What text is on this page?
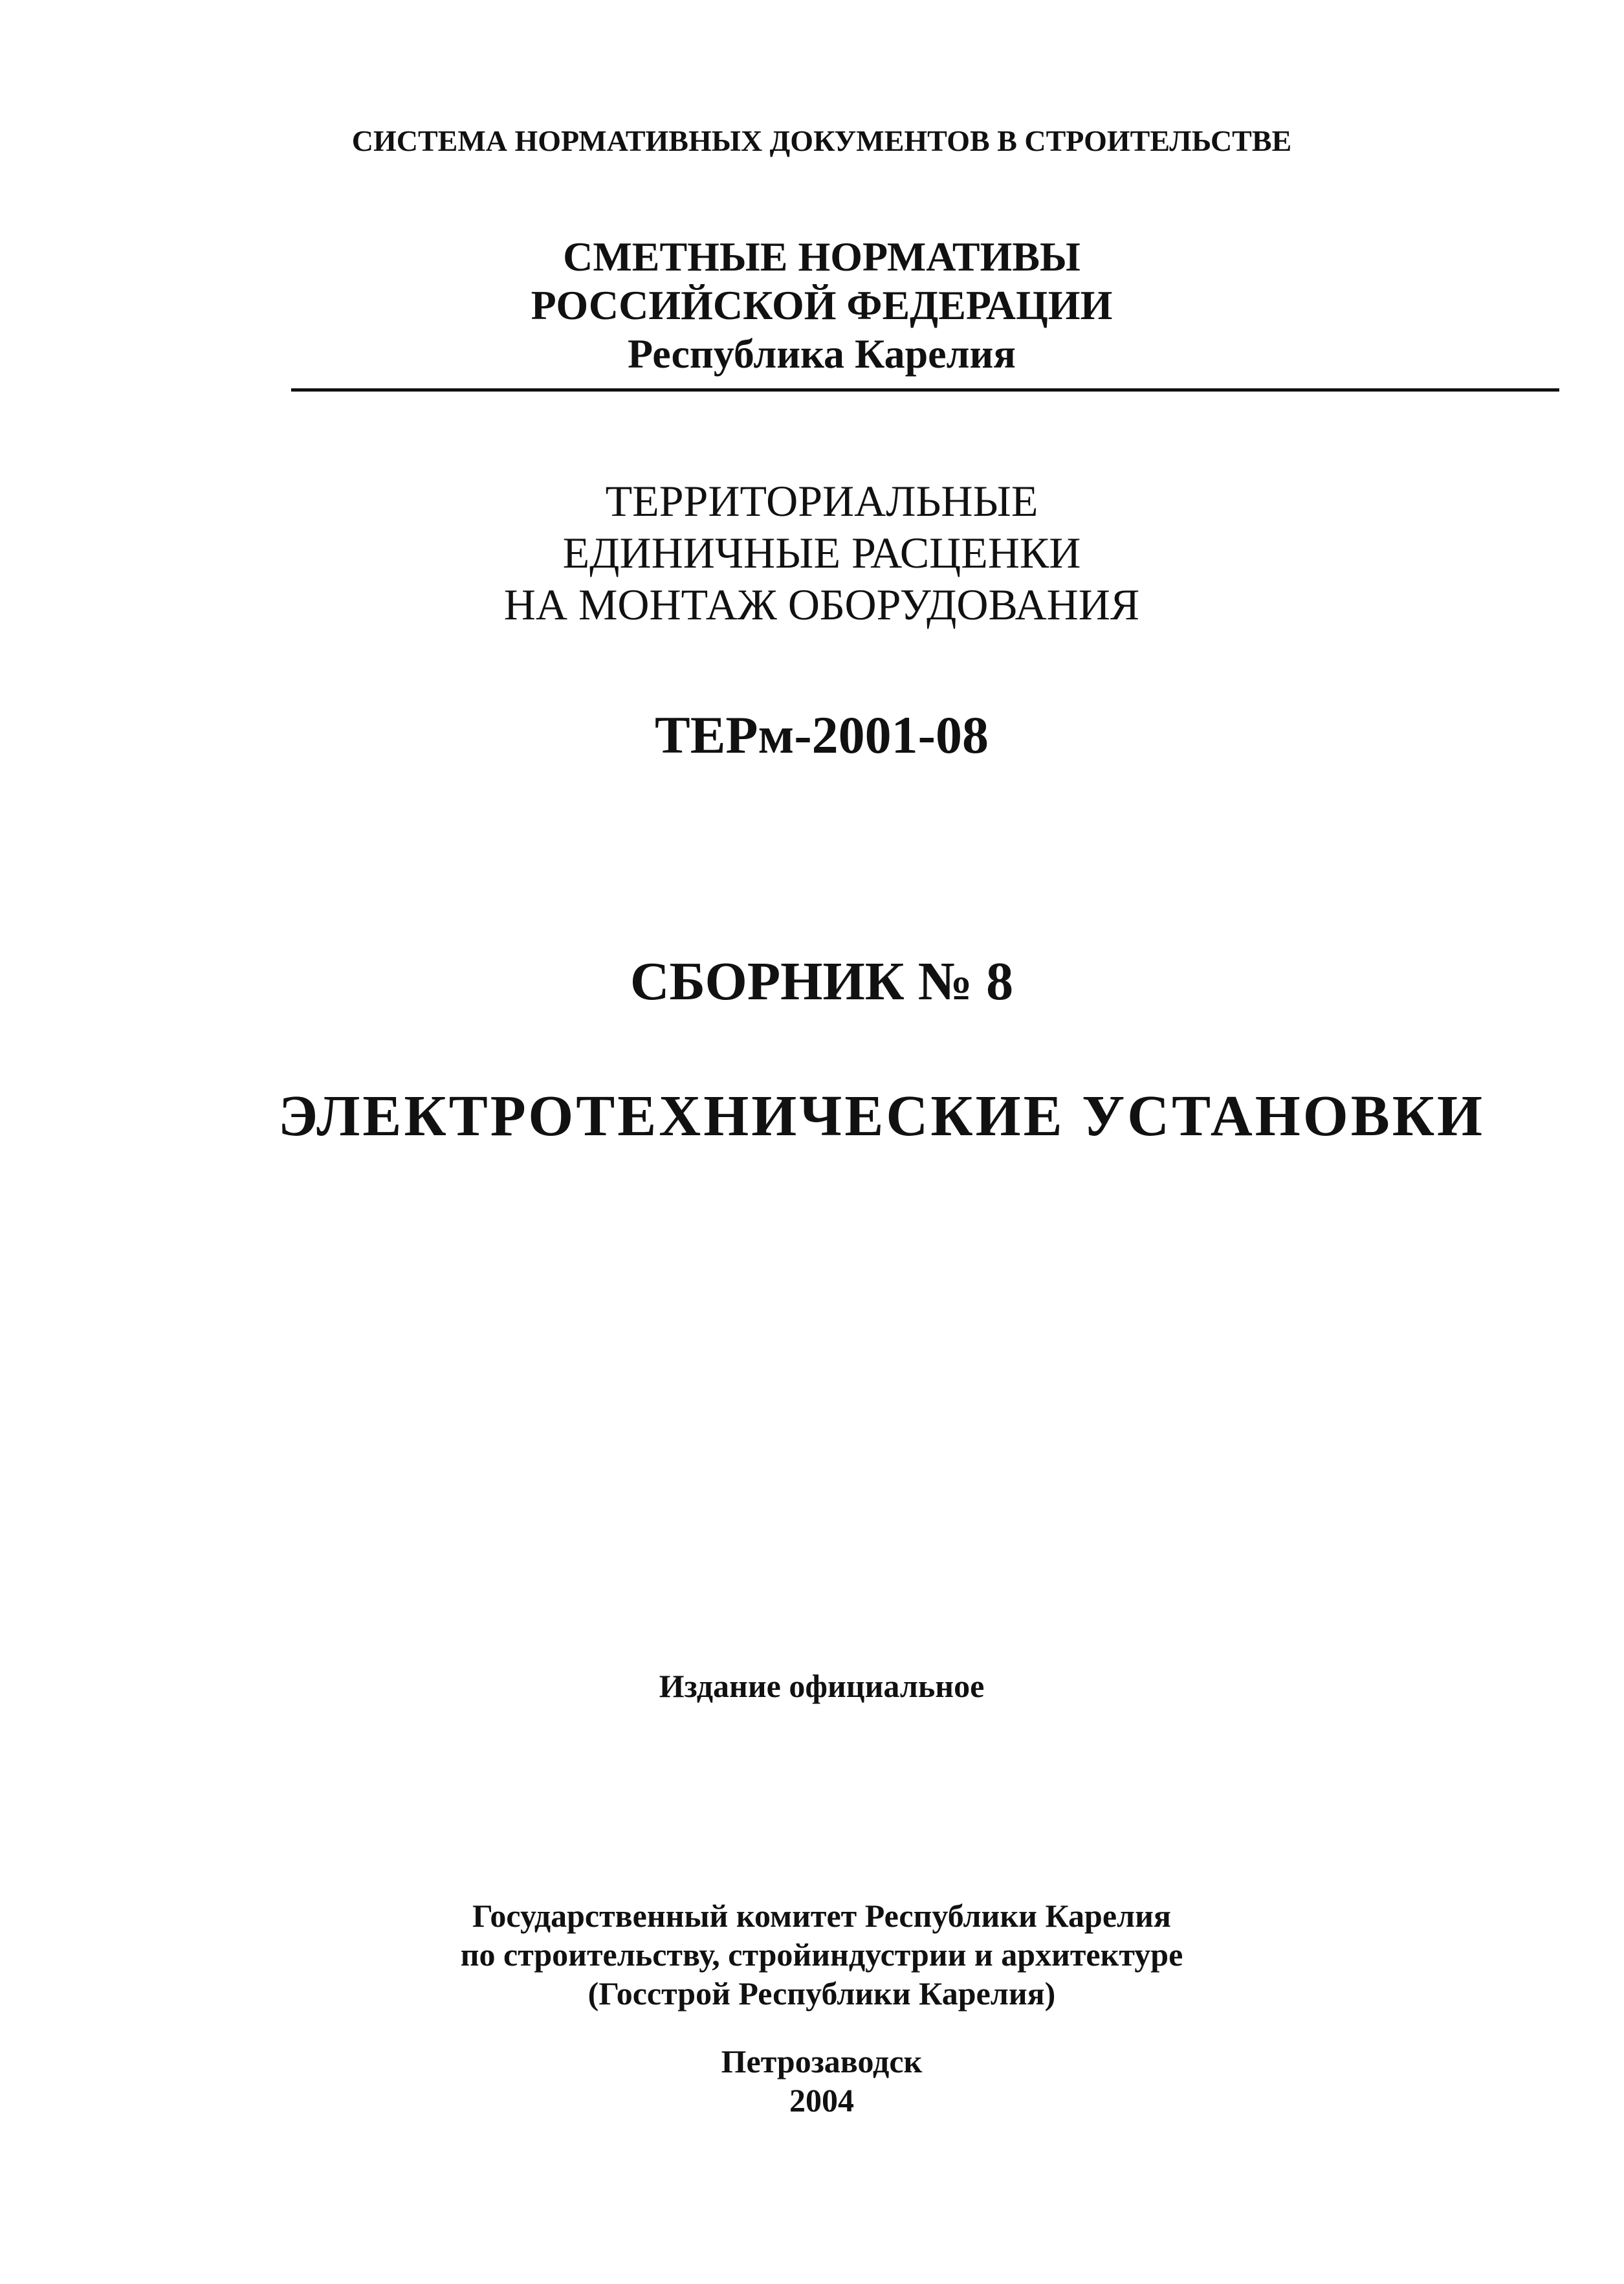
СИСТЕМА НОРМАТИВНЫХ ДОКУМЕНТОВ В СТРОИТЕЛЬСТВЕ
СМЕТНЫЕ НОРМАТИВЫ
РОССИЙСКОЙ ФЕДЕРАЦИИ
Республика Карелия
ТЕРРИТОРИАЛЬНЫЕ
ЕДИНИЧНЫЕ РАСЦЕНКИ
НА МОНТАЖ ОБОРУДОВАНИЯ
ТЕРм-2001-08
СБОРНИК № 8
ЭЛЕКТРОТЕХНИЧЕСКИЕ УСТАНОВКИ
Издание официальное
Государственный комитет Республики Карелия
по строительству, стройиндустрии и архитектуре
(Госстрой Республики Карелия)
Петрозаводск
2004
